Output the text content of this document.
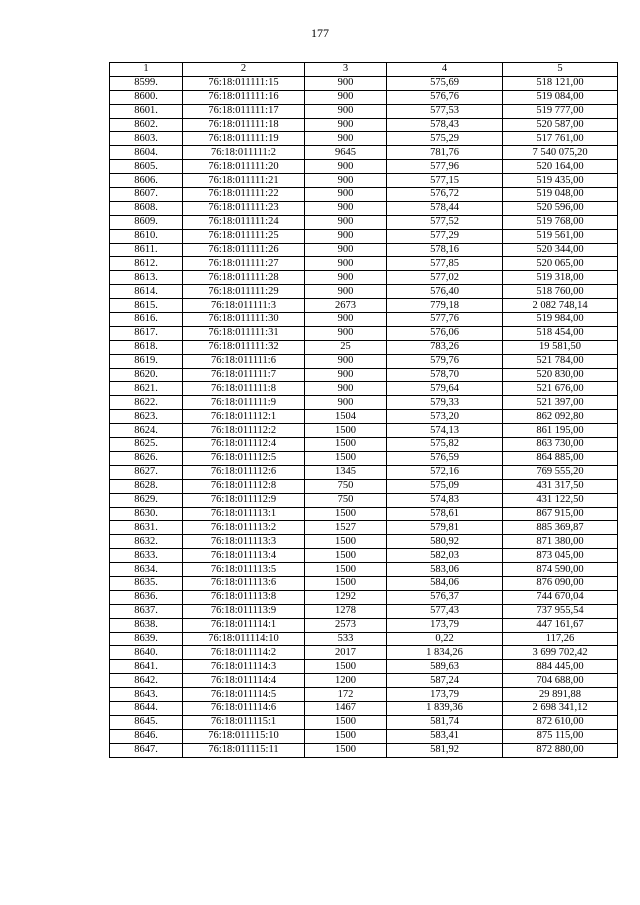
177
1	2	3	4	5
8599.	76:18:011111:15	900	575,69	518 121,00
8600.	76:18:011111:16	900	576,76	519 084,00
8601.	76:18:011111:17	900	577,53	519 777,00
8602.	76:18:011111:18	900	578,43	520 587,00
8603.	76:18:011111:19	900	575,29	517 761,00
8604.	76:18:011111:2	9645	781,76	7 540 075,20
8605.	76:18:011111:20	900	577,96	520 164,00
8606.	76:18:011111:21	900	577,15	519 435,00
8607.	76:18:011111:22	900	576,72	519 048,00
8608.	76:18:011111:23	900	578,44	520 596,00
8609.	76:18:011111:24	900	577,52	519 768,00
8610.	76:18:011111:25	900	577,29	519 561,00
8611.	76:18:011111:26	900	578,16	520 344,00
8612.	76:18:011111:27	900	577,85	520 065,00
8613.	76:18:011111:28	900	577,02	519 318,00
8614.	76:18:011111:29	900	576,40	518 760,00
8615.	76:18:011111:3	2673	779,18	2 082 748,14
8616.	76:18:011111:30	900	577,76	519 984,00
8617.	76:18:011111:31	900	576,06	518 454,00
8618.	76:18:011111:32	25	783,26	19 581,50
8619.	76:18:011111:6	900	579,76	521 784,00
8620.	76:18:011111:7	900	578,70	520 830,00
8621.	76:18:011111:8	900	579,64	521 676,00
8622.	76:18:011111:9	900	579,33	521 397,00
8623.	76:18:011112:1	1504	573,20	862 092,80
8624.	76:18:011112:2	1500	574,13	861 195,00
8625.	76:18:011112:4	1500	575,82	863 730,00
8626.	76:18:011112:5	1500	576,59	864 885,00
8627.	76:18:011112:6	1345	572,16	769 555,20
8628.	76:18:011112:8	750	575,09	431 317,50
8629.	76:18:011112:9	750	574,83	431 122,50
8630.	76:18:011113:1	1500	578,61	867 915,00
8631.	76:18:011113:2	1527	579,81	885 369,87
8632.	76:18:011113:3	1500	580,92	871 380,00
8633.	76:18:011113:4	1500	582,03	873 045,00
8634.	76:18:011113:5	1500	583,06	874 590,00
8635.	76:18:011113:6	1500	584,06	876 090,00
8636.	76:18:011113:8	1292	576,37	744 670,04
8637.	76:18:011113:9	1278	577,43	737 955,54
8638.	76:18:011114:1	2573	173,79	447 161,67
8639.	76:18:011114:10	533	0,22	117,26
8640.	76:18:011114:2	2017	1 834,26	3 699 702,42
8641.	76:18:011114:3	1500	589,63	884 445,00
8642.	76:18:011114:4	1200	587,24	704 688,00
8643.	76:18:011114:5	172	173,79	29 891,88
8644.	76:18:011114:6	1467	1 839,36	2 698 341,12
8645.	76:18:011115:1	1500	581,74	872 610,00
8646.	76:18:011115:10	1500	583,41	875 115,00
8647.	76:18:011115:11	1500	581,92	872 880,00
